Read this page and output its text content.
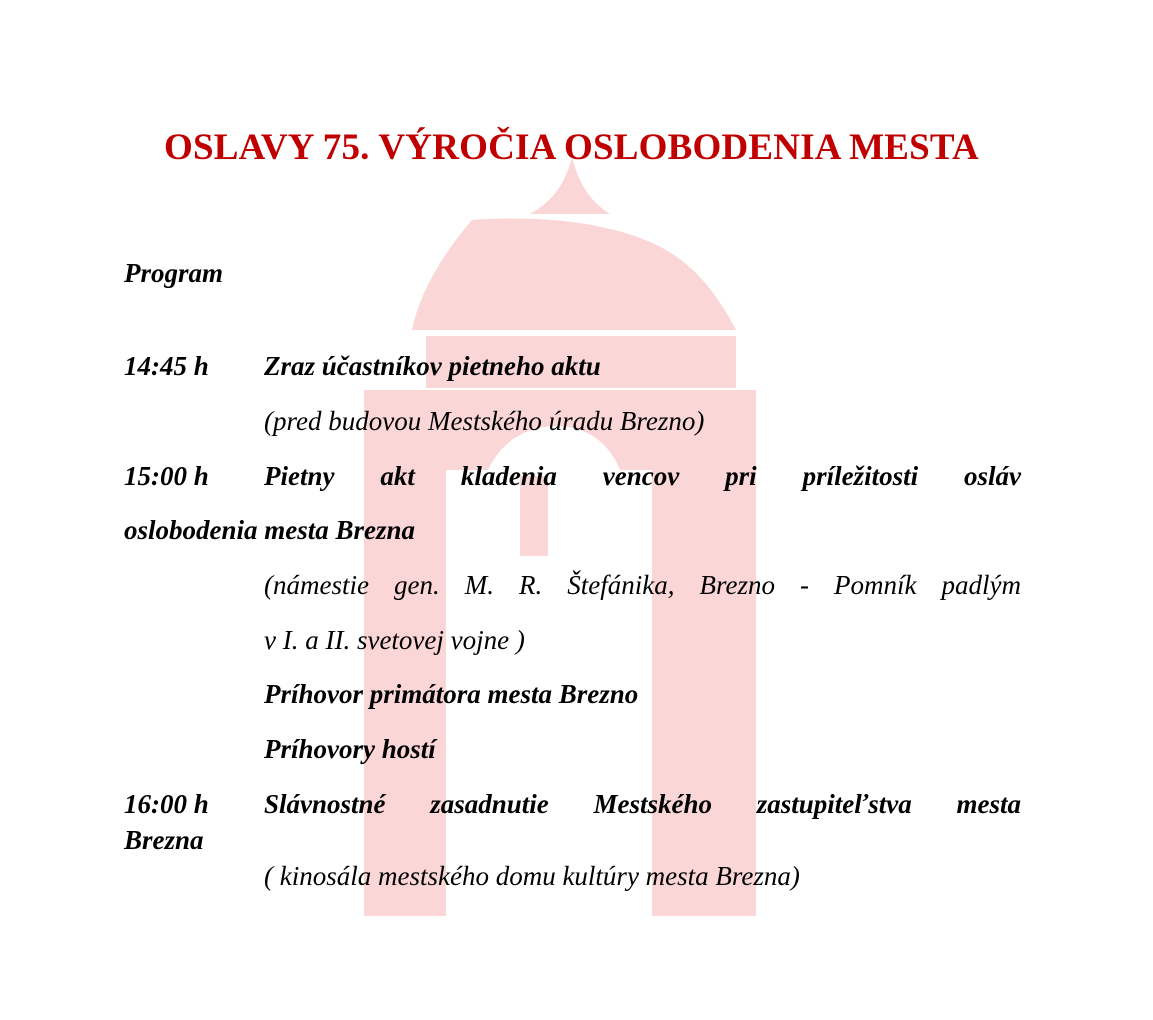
OSLAVY 75. VÝROČIA OSLOBODENIA MESTA
Program
14:45 h Zraz účastníkov pietneho aktu
(pred budovou Mestského úradu Brezno)
15:00 h Pietny akt kladenia vencov pri príležitosti osláv
oslobodenia mesta Brezna
(námestie gen. M. R. Štefánika, Brezno - Pomník padlým
v I. a II. svetovej vojne )
Príhovor primátora mesta Brezno
Príhovory hostí
16:00 h Slávnostné zasadnutie Mestského zastupiteľstva mesta
Brezna
( kinosála mestského domu kultúry mesta Brezna)
